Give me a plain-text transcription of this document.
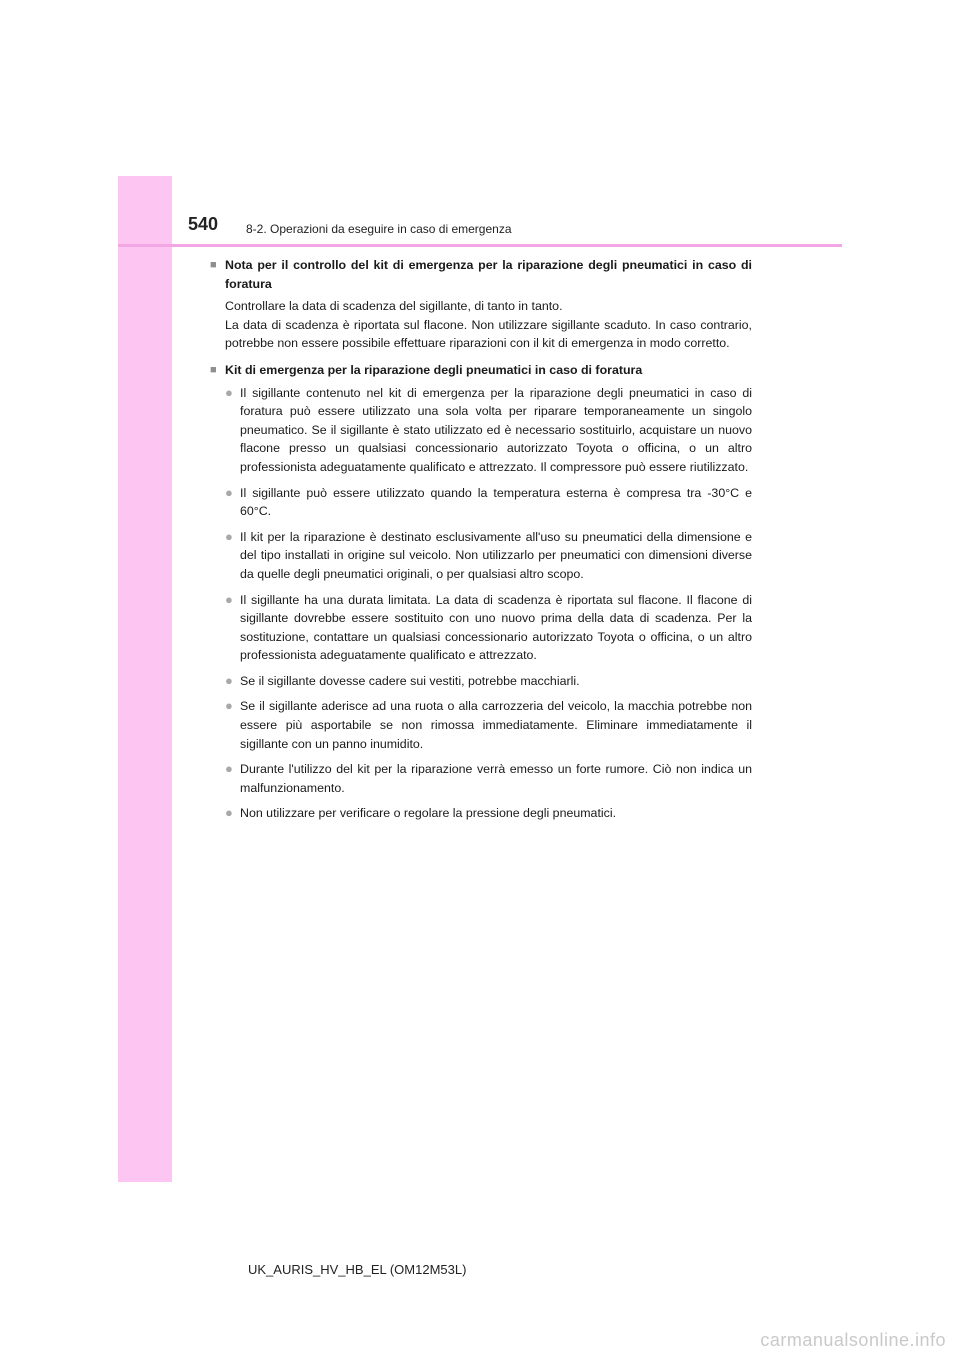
540 8-2. Operazioni da eseguire in caso di emergenza
■ Nota per il controllo del kit di emergenza per la riparazione degli pneumatici in caso di foratura
Controllare la data di scadenza del sigillante, di tanto in tanto.
La data di scadenza è riportata sul flacone. Non utilizzare sigillante scaduto. In caso contrario, potrebbe non essere possibile effettuare riparazioni con il kit di emergenza in modo corretto.
■ Kit di emergenza per la riparazione degli pneumatici in caso di foratura
● Il sigillante contenuto nel kit di emergenza per la riparazione degli pneumatici in caso di foratura può essere utilizzato una sola volta per riparare temporaneamente un singolo pneumatico. Se il sigillante è stato utilizzato ed è necessario sostituirlo, acquistare un nuovo flacone presso un qualsiasi concessionario autorizzato Toyota o officina, o un altro professionista adeguatamente qualificato e attrezzato. Il compressore può essere riutilizzato.
● Il sigillante può essere utilizzato quando la temperatura esterna è compresa tra -30°C e 60°C.
● Il kit per la riparazione è destinato esclusivamente all'uso su pneumatici della dimensione e del tipo installati in origine sul veicolo. Non utilizzarlo per pneumatici con dimensioni diverse da quelle degli pneumatici originali, o per qualsiasi altro scopo.
● Il sigillante ha una durata limitata. La data di scadenza è riportata sul flacone. Il flacone di sigillante dovrebbe essere sostituito con uno nuovo prima della data di scadenza. Per la sostituzione, contattare un qualsiasi concessionario autorizzato Toyota o officina, o un altro professionista adeguatamente qualificato e attrezzato.
● Se il sigillante dovesse cadere sui vestiti, potrebbe macchiarli.
● Se il sigillante aderisce ad una ruota o alla carrozzeria del veicolo, la macchia potrebbe non essere più asportabile se non rimossa immediatamente. Eliminare immediatamente il sigillante con un panno inumidito.
● Durante l'utilizzo del kit per la riparazione verrà emesso un forte rumore. Ciò non indica un malfunzionamento.
● Non utilizzare per verificare o regolare la pressione degli pneumatici.
UK_AURIS_HV_HB_EL (OM12M53L)
carmanualsonline.info
